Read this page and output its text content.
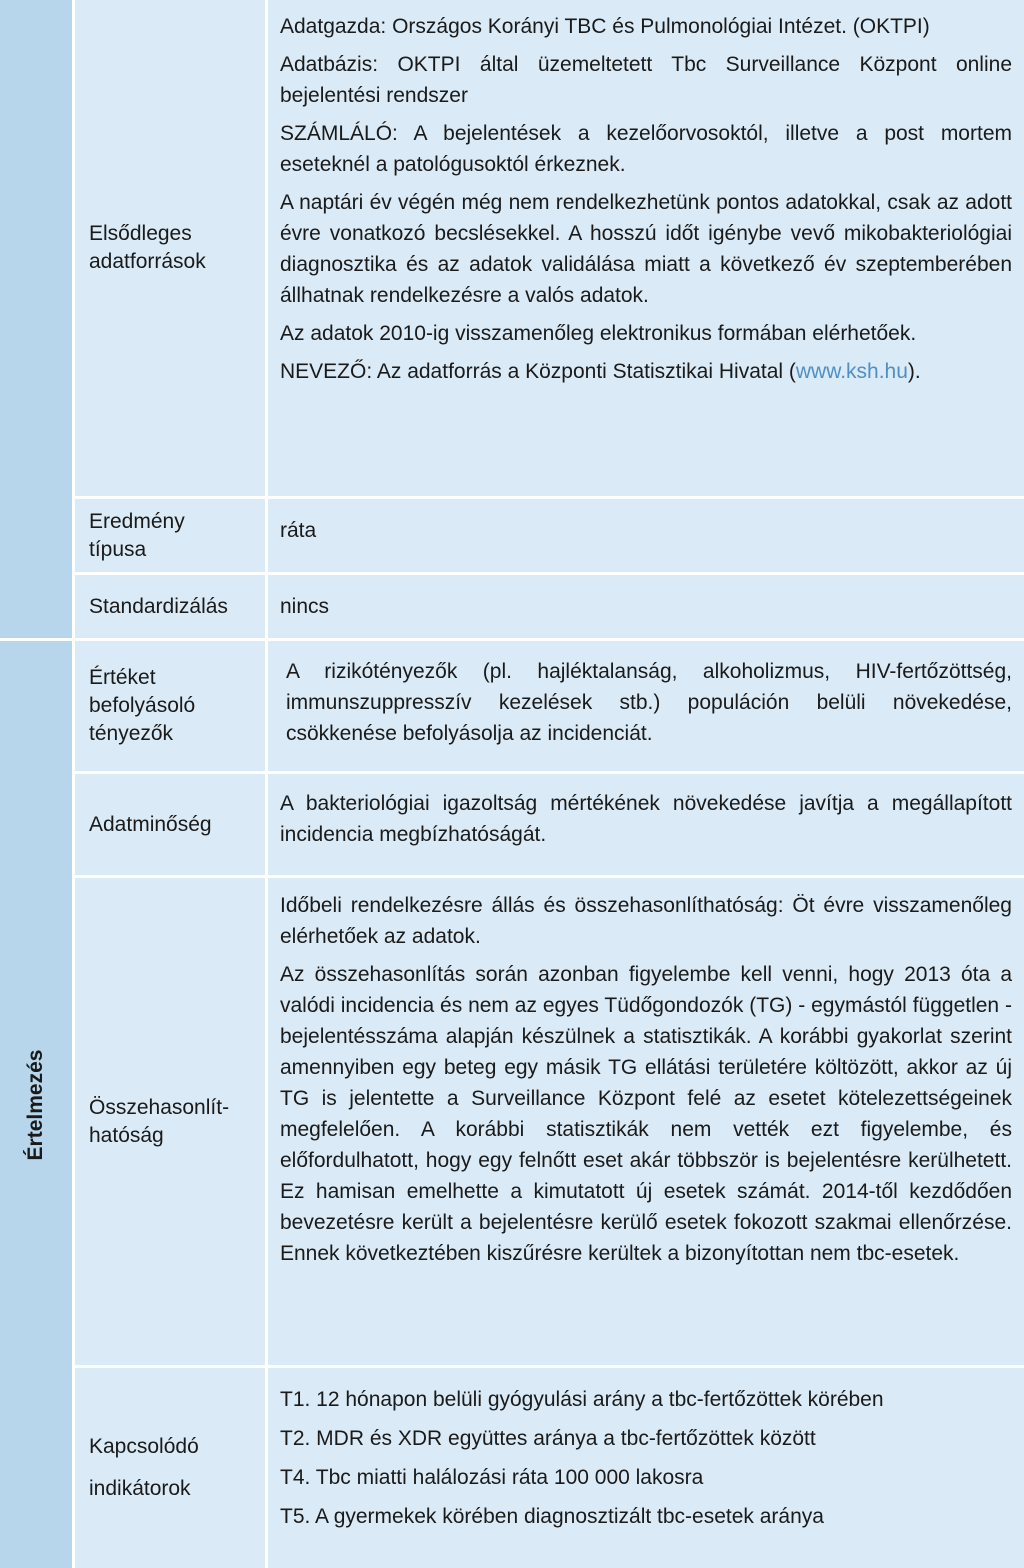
Értelmezés
Elsődleges adatforrások

Adatgazda: Országos Korányi TBC és Pulmonológiai Intézet. (OKTPI)

Adatbázis: OKTPI által üzemeltetett Tbc Surveillance Központ online bejelentési rendszer

SZÁMLÁLÓ: A bejelentések a kezelőorvosoktól, illetve a post mortem eseteknél a patológusoktól érkeznek.

A naptári év végén még nem rendelkezhetünk pontos adatokkal, csak az adott évre vonatkozó becslésekkel. A hosszú időt igénybe vevő mikobakteriológiai diagnosztika és az adatok validálása miatt a következő év szeptemberében állhatnak rendelkezésre a valós adatok.

Az adatok 2010-ig visszamenőleg elektronikus formában elérhetőek.

NEVEZŐ: Az adatforrás a Központi Statisztikai Hivatal (www.ksh.hu).

Eredmény típusa

ráta

Standardizálás nincs

Értéket befolyásoló tényezők

A rizikótényezők (pl. hajléktalanság, alkoholizmus, HIV-fertőzöttség, immunszuppresszív kezelések stb.) populáción belüli növekedése, csökkenése befolyásolja az incidenciát.

Adatminőség

A bakteriológiai igazoltság mértékének növekedése javítja a megállapított incidencia megbízhatóságát.

Összehasonlít-hatóság

Időbeli rendelkezésre állás és összehasonlíthatóság: Öt évre visszamenőleg elérhetőek az adatok.

Az összehasonlítás során azonban figyelembe kell venni, hogy 2013 óta a valódi incidencia és nem az egyes Tüdőgondozók (TG) - egymástól független - bejelentésszáma alapján készülnek a statisztikák. A korábbi gyakorlat szerint amennyiben egy beteg egy másik TG ellátási területére költözött, akkor az új TG is jelentette a Surveillance Központ felé az esetet kötelezettségeinek megfelelően. A korábbi statisztikák nem vették ezt figyelembe, és előfordulhatott, hogy egy felnőtt eset akár többször is bejelentésre kerülhetett. Ez hamisan emelhette a kimutatott új esetek számát. 2014-től kezdődően bevezetésre került a bejelentésre kerülő esetek fokozott szakmai ellenőrzése. Ennek következtében kiszűrésre kerültek a bizonyítottan nem tbc-esetek.

Kapcsolódó indikátorok

T1. 12 hónapon belüli gyógyulási arány a tbc-fertőzöttek körében

T2. MDR és XDR együttes aránya a tbc-fertőzöttek között

T4. Tbc miatti halálozási ráta 100 000 lakosra

T5. A gyermekek körében diagnosztizált tbc-esetek aránya
